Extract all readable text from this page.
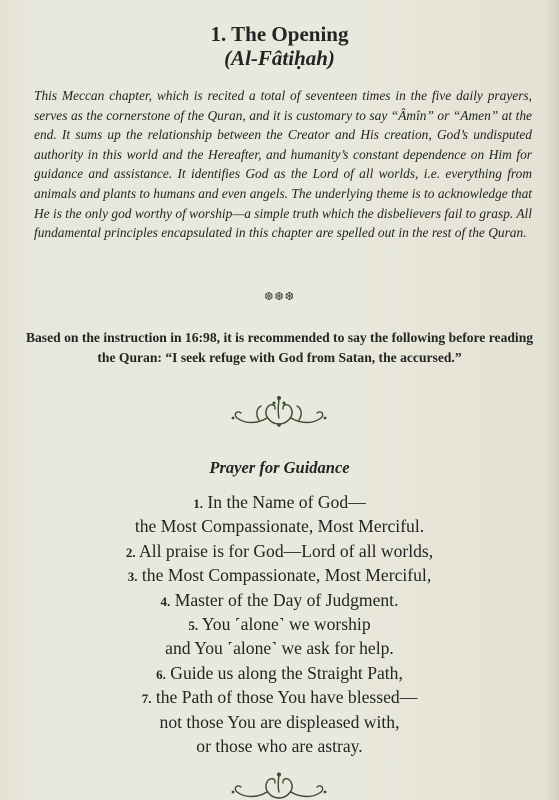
1. The Opening
(Al-Fâtiḥah)

This Meccan chapter, which is recited a total of seventeen times in the five daily prayers, serves as the cornerstone of the Quran, and it is customary to say “Âmîn” or “Amen” at the end. It sums up the relationship between the Creator and His creation, God’s undisputed authority in this world and the Hereafter, and humanity’s constant dependence on Him for guidance and assistance. It identifies God as the Lord of all worlds, i.e. everything from animals and plants to humans and even angels. The underlying theme is to acknowledge that He is the only god worthy of worship—a simple truth which the disbelievers fail to grasp. All fundamental principles encapsulated in this chapter are spelled out in the rest of the Quran.

❆❆❆

Based on the instruction in 16:98, it is recommended to say the following before reading the Quran: “I seek refuge with God from Satan, the accursed.”

Prayer for Guidance
1. In the Name of God—
the Most Compassionate, Most Merciful.
2. All praise is for God—Lord of all worlds,
3. the Most Compassionate, Most Merciful,
4. Master of the Day of Judgment.
5. You ˹alone˺ we worship
and You ˹alone˺ we ask for help.
6. Guide us along the Straight Path,
7. the Path of those You have blessed—
not those You are displeased with,
or those who are astray.
